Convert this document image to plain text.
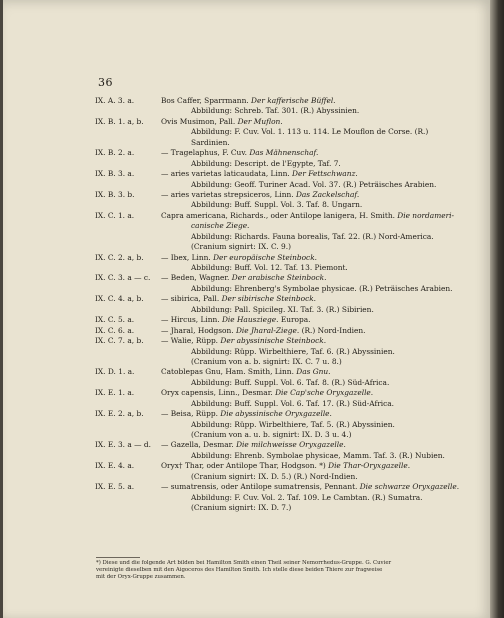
36
IX. A. 3. a.	Bos Caffer, Sparrmann. Der kafferische Büffel.
Abbildung: Schreb. Taf. 301. (R.) Abyssinien.
IX. B. 1. a, b. Ovis Musimon, Pall. Der Muflon.
Abbildung: F. Cuv. Vol. 1. 113 u. 114. Le Mouflon de Corse. (R.)
Sardinien.
IX. B. 2. a.	— Tragelaphus, F. Cuv. Das Mähnenschaf.
Abbildung: Descript. de l'Egypte, Taf. 7.
IX. B. 3. a.	— aries varietas laticaudata, Linn. Der Fettschwanz.
Abbildung: Geoff. Turiner Acad. Vol. 37. (R.) Peträisches Arabien.
IX. B. 3. b.	— aries varietas strepsiceros, Linn. Das Zackelschaf.
Abbildung: Buff. Suppl. Vol. 3. Taf. 8. Ungarn.
IX. C. 1. a.	Capra americana, Richards., oder Antilope lanigera, H. Smith. Die nordameri-
canische Ziege.
Abbildung: Richards. Fauna borealis, Taf. 22. (R.) Nord-America.
(Cranium signirt: IX. C. 9.)
IX. C. 2. a, b. — Ibex, Linn. Der europäische Steinbock.
Abbildung: Buff. Vol. 12. Taf. 13. Piemont.
IX. C. 3. a — c. — Beden, Wagner. Der arabische Steinbock.
Abbildung: Ehrenberg's Symbolae physicae. (R.) Peträisches Arabien.
IX. C. 4. a, b. — sibirica, Pall. Der sibirische Steinbock.
Abbildung: Pall. Spicileg. XI. Taf. 3. (R.) Sibirien.
IX. C. 5. a.	— Hircus, Linn. Die Hausziege. Europa.
IX. C. 6. a.	— Jharal, Hodgson. Die Jharal-Ziege. (R.) Nord-Indien.
IX. C. 7. a, b. — Walie, Rüpp. Der abyssinische Steinbock.
Abbildung: Rüpp. Wirbelthiere, Taf. 6. (R.) Abyssinien.
(Cranium von a. b. signirt: IX. C. 7 u. 8.)
IX. D. 1. a.	Catoblepas Gnu, Ham. Smith, Linn. Das Gnu.
Abbildung: Buff. Suppl. Vol. 6. Taf. 8. (R.) Süd-Africa.
IX. E. 1. a.	Oryx capensis, Linn., Desmar. Die Cap'sche Oryxgazelle.
Abbildung: Buff. Suppl. Vol. 6. Taf. 17. (R.) Süd-Africa.
IX. E. 2. a, b. — Beisa, Rüpp. Die abyssinische Oryxgazelle.
Abbildung: Rüpp. Wirbelthiere, Taf. 5. (R.) Abyssinien.
(Cranium von a. u. b. signirt: IX. D. 3 u. 4.)
IX. E. 3. a — d. — Gazella, Desmar. Die milchweisse Oryxgazelle.
Abbildung: Ehrenb. Symbolae physicae, Mamm. Taf. 3. (R.) Nubien.
IX. E. 4. a.	Oryx† Thar, oder Antilope Thar, Hodgson. *) Die Thar-Oryxgazelle.
(Cranium signirt: IX. D. 5.) (R.) Nord-Indien.
IX. E. 5. a.	— sumatrensis, oder Antilope sumatrensis, Pennant. Die schwarze Oryxgazelle.
Abbildung: F. Cuv. Vol. 2. Taf. 109. Le Cambtan. (R.) Sumatra.
(Cranium signirt: IX. D. 7.)
*) Diese und die folgende Art bilden bei Hamilton Smith einen Theil seiner Nemorrhedus-Gruppe. G. Cuvier
vereinigte dieselben mit den Aigoceros des Hamilton Smith. Ich stelle diese beiden Thiere zur fragweise
mit der Oryx-Gruppe zusammen.
